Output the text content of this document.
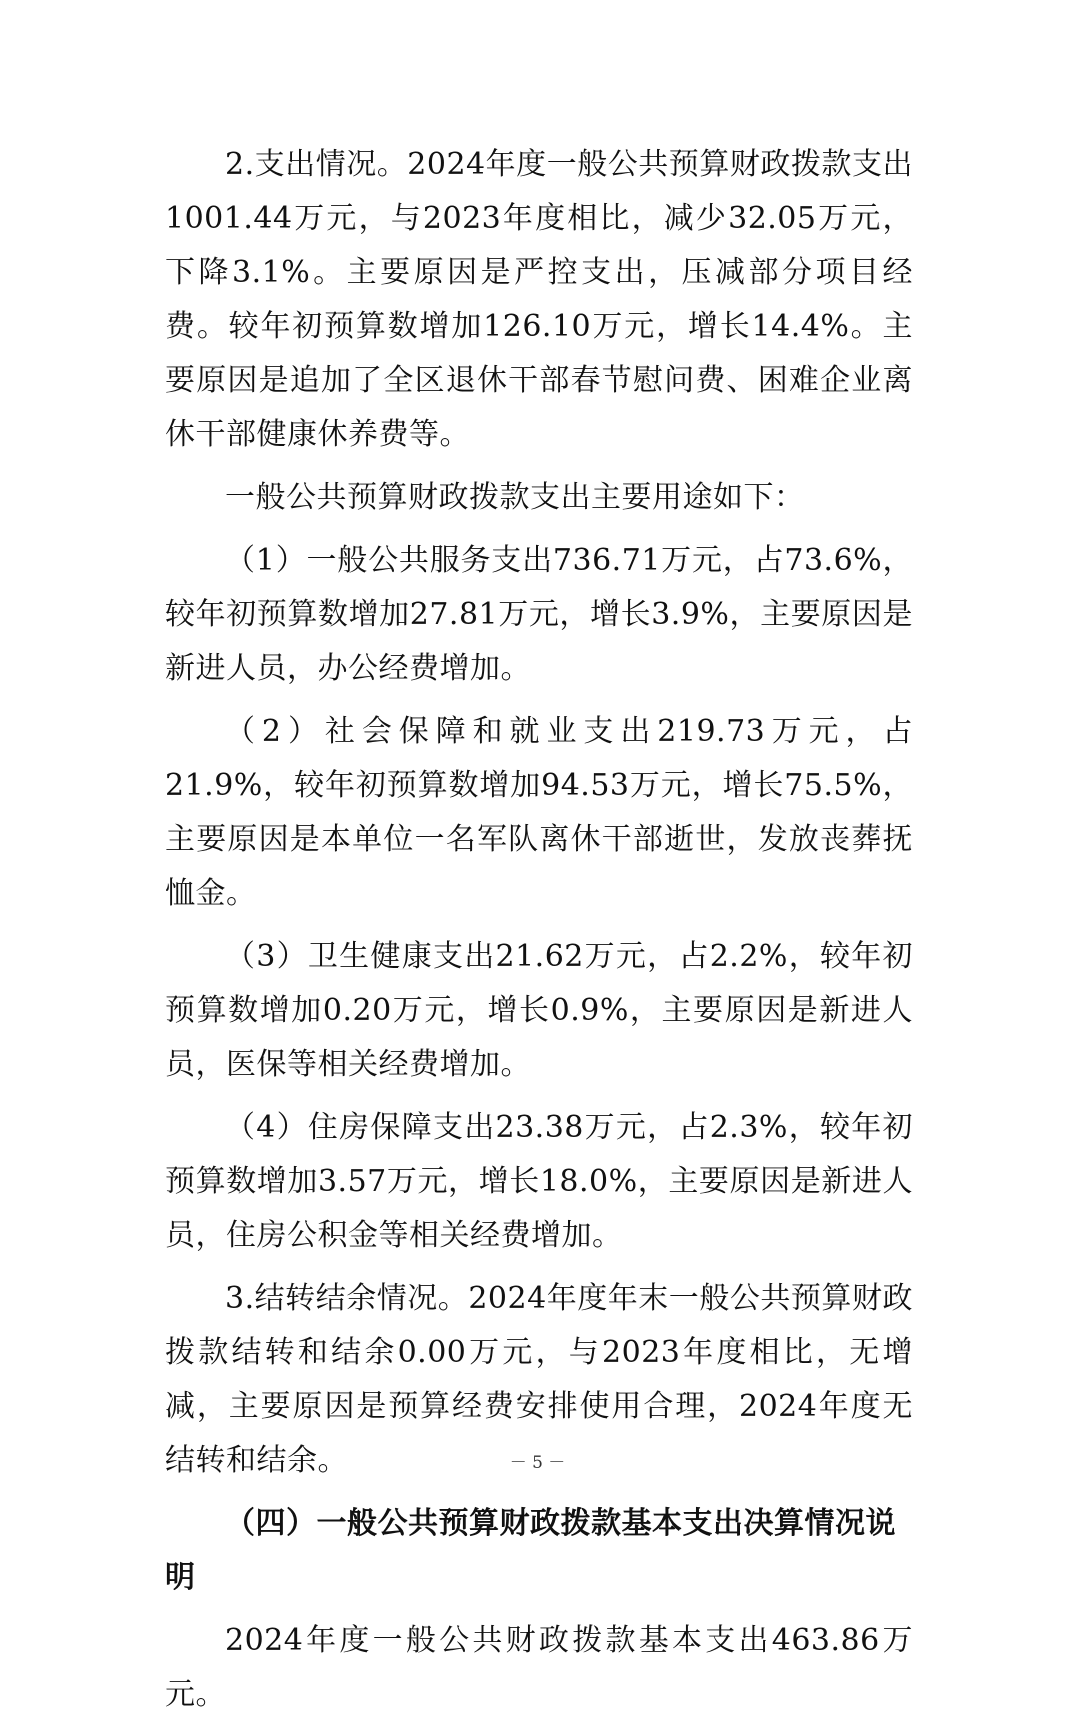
2.支出情况。2024年度一般公共预算财政拨款支出1001.44万元，与2023年度相比，减少32.05万元，下降3.1%。主要原因是严控支出，压减部分项目经费。较年初预算数增加126.10万元，增长14.4%。主要原因是追加了全区退休干部春节慰问费、困难企业离休干部健康休养费等。

一般公共预算财政拨款支出主要用途如下：

（1）一般公共服务支出736.71万元，占73.6%，较年初预算数增加27.81万元，增长3.9%，主要原因是新进人员，办公经费增加。

（2）社会保障和就业支出219.73万元，占21.9%，较年初预算数增加94.53万元，增长75.5%，主要原因是本单位一名军队离休干部逝世，发放丧葬抚恤金。

（3）卫生健康支出21.62万元，占2.2%，较年初预算数增加0.20万元，增长0.9%，主要原因是新进人员，医保等相关经费增加。

（4）住房保障支出23.38万元，占2.3%，较年初预算数增加3.57万元，增长18.0%，主要原因是新进人员，住房公积金等相关经费增加。

3.结转结余情况。2024年度年末一般公共预算财政拨款结转和结余0.00万元，与2023年度相比，无增减，主要原因是预算经费安排使用合理，2024年度无结转和结余。

（四）一般公共预算财政拨款基本支出决算情况说明

2024年度一般公共财政拨款基本支出463.86万元。

－ 5 －
